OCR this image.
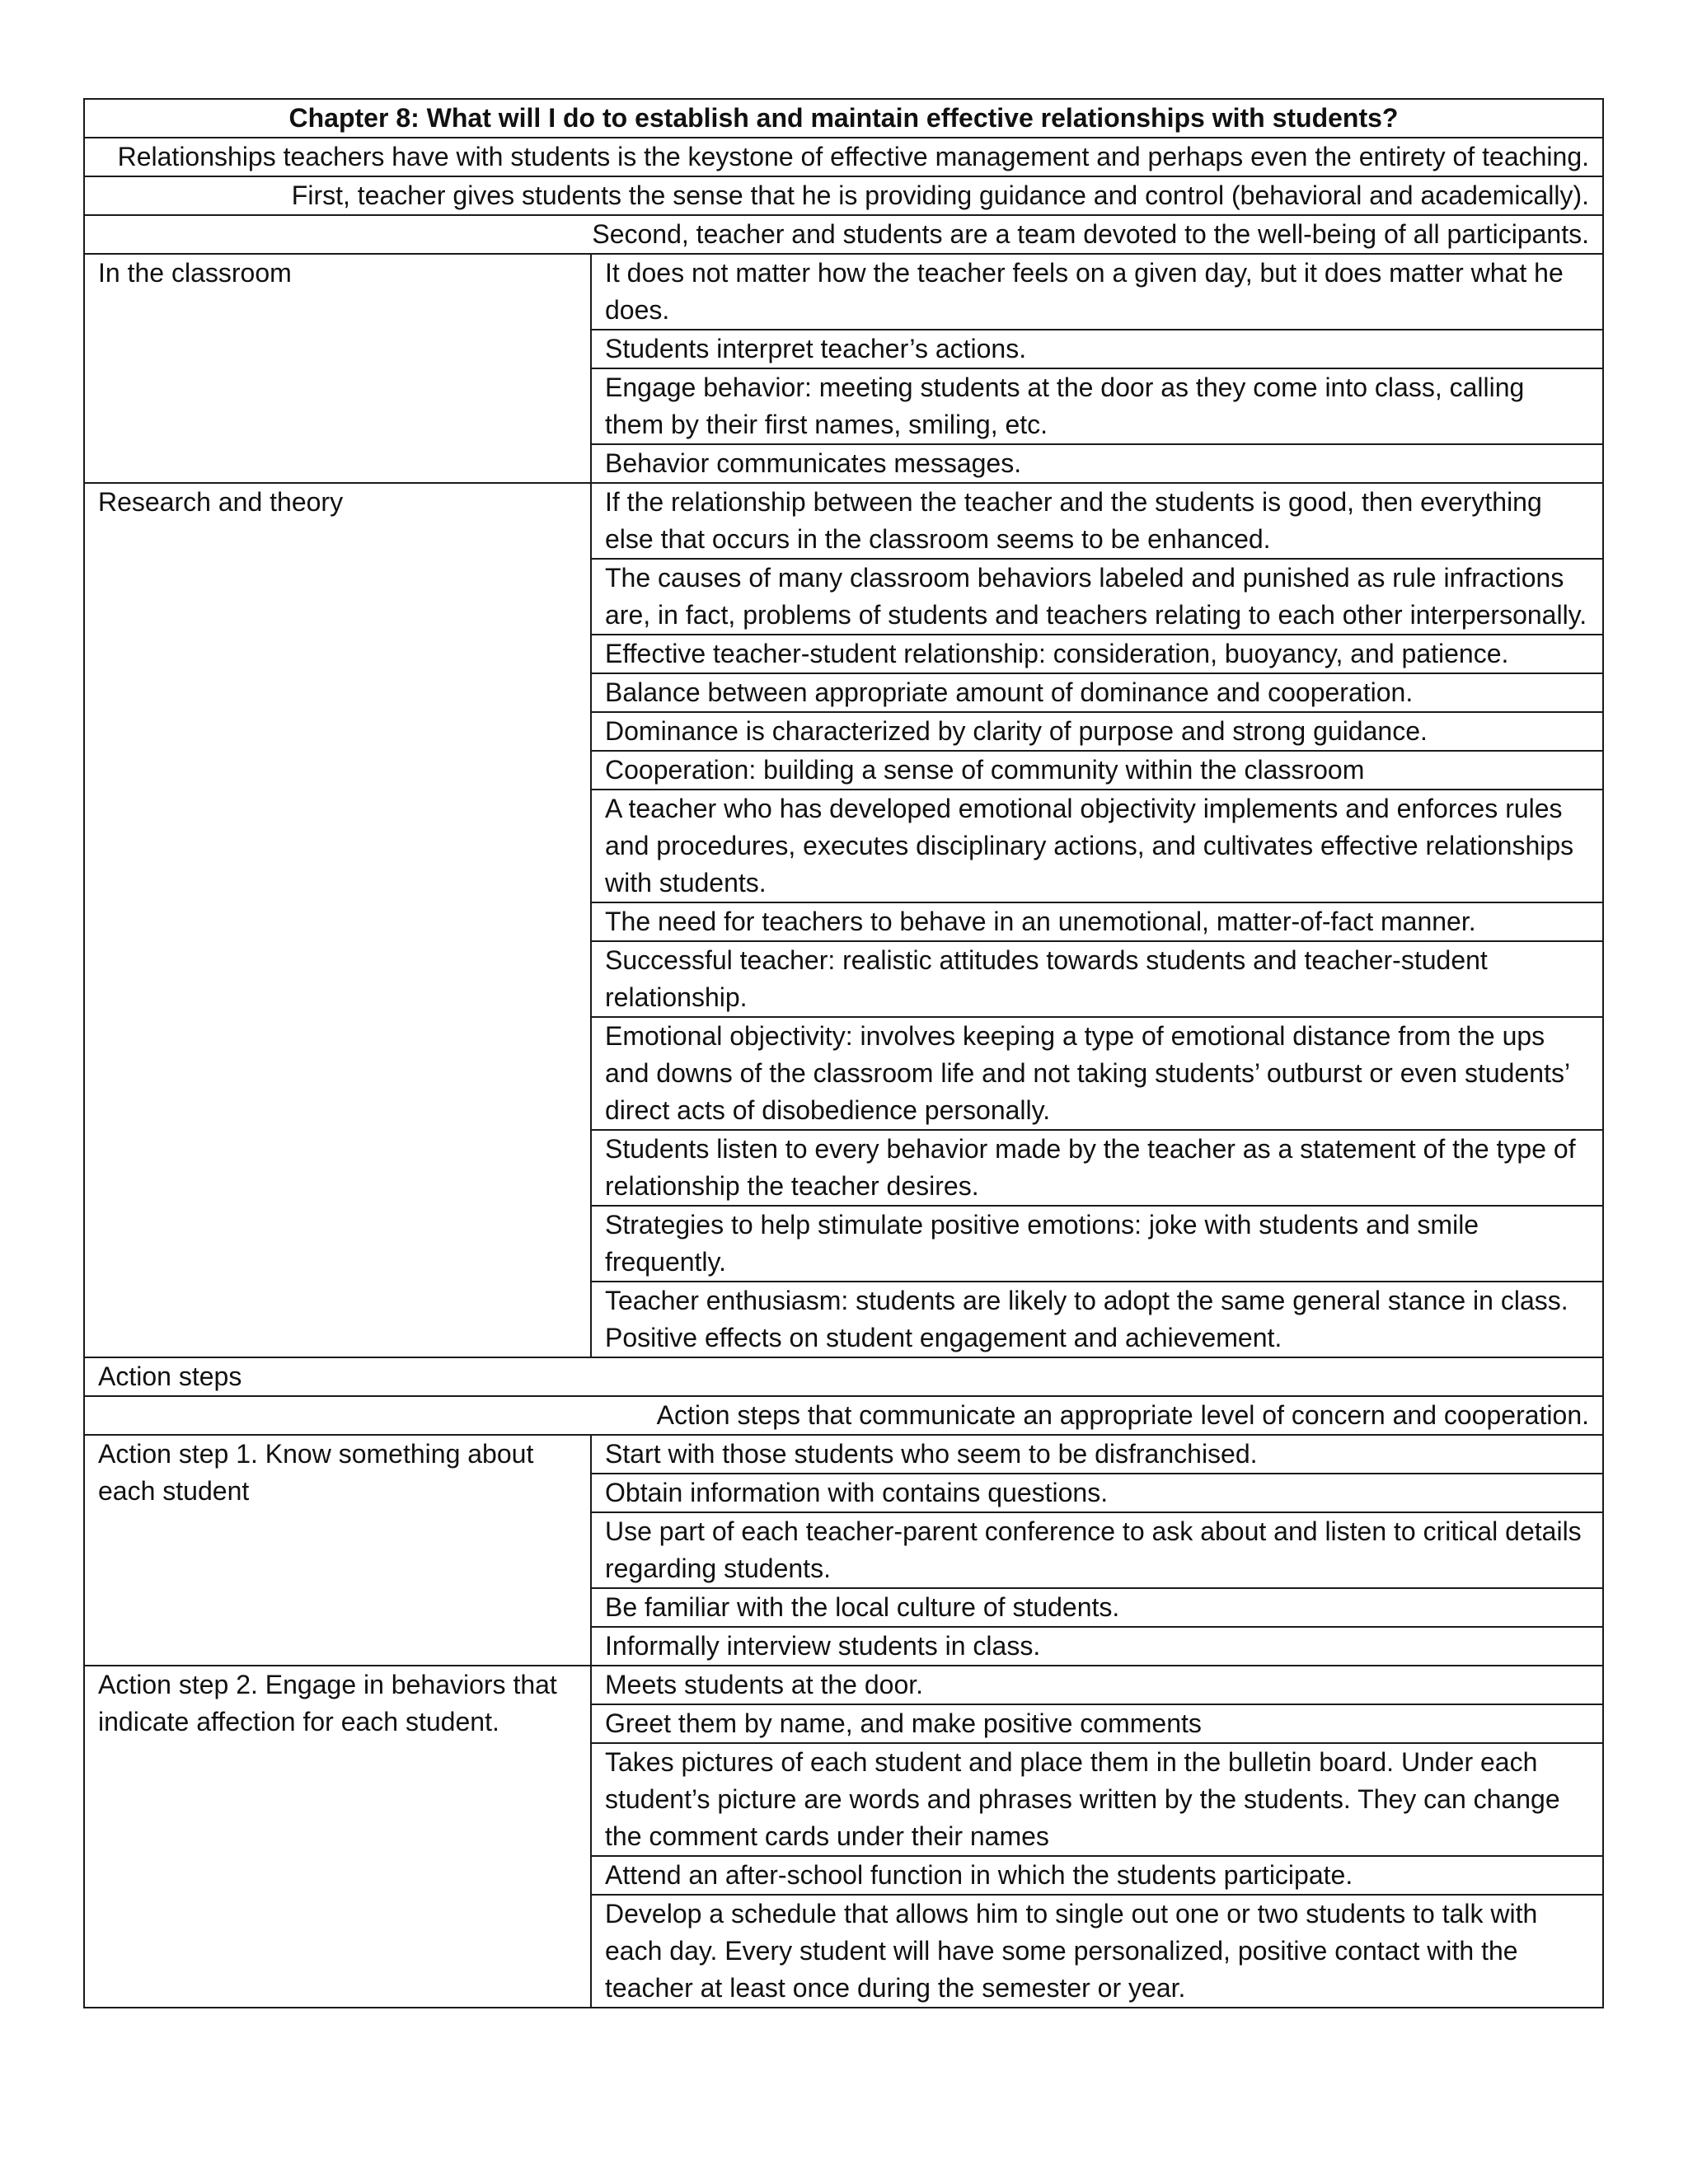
Chapter 8: What will I do to establish and maintain effective relationships with students?	
Relationships teachers have with students is the keystone of effective management and perhaps even the entirety of teaching.	
First, teacher gives students the sense that he is providing guidance and control (behavioral and academically).	
Second, teacher and students are a team devoted to the well-being of all participants.	
In the classroom	It does not matter how the teacher feels on a given day, but it does matter what he does.
	Students interpret teacher’s actions.
	Engage behavior: meeting students at the door as they come into class, calling them by their first names, smiling, etc.
	Behavior communicates messages.
Research and theory	If the relationship between the teacher and the students is good, then everything else that occurs in the classroom seems to be enhanced.
	The causes of many classroom behaviors labeled and punished as rule infractions are, in fact, problems of students and teachers relating to each other interpersonally.
	Effective teacher-student relationship: consideration, buoyancy, and patience.
	Balance between appropriate amount of dominance and cooperation.
	Dominance is characterized by clarity of purpose and strong guidance.
	Cooperation: building a sense of community within the classroom
	A teacher who has developed emotional objectivity implements and enforces rules and procedures, executes disciplinary actions, and cultivates effective relationships with students.
	The need for teachers to behave in an unemotional, matter-of-fact manner.
	Successful teacher: realistic attitudes towards students and teacher-student relationship.
	Emotional objectivity: involves keeping a type of emotional distance from the ups and downs of the classroom life and not taking students’ outburst or even students’ direct acts of disobedience personally.
	Students listen to every behavior made by the teacher as a statement of the type of relationship the teacher desires.
	Strategies to help stimulate positive emotions: joke with students and smile frequently.
	Teacher enthusiasm: students are likely to adopt the same general stance in class. Positive effects on student engagement and achievement.
Action steps	
Action steps that communicate an appropriate level of concern and cooperation.	
Action step 1. Know something about each student	Start with those students who seem to be disfranchised.
	Obtain information with contains questions.
	Use part of each teacher-parent conference to ask about and listen to critical details regarding students.
	Be familiar with the local culture of students.
	Informally interview students in class.
Action step 2. Engage in behaviors that indicate affection for each student.	Meets students at the door.
	Greet them by name, and make positive comments
	Takes pictures of each student and place them in the bulletin board. Under each student’s picture are words and phrases written by the students. They can change the comment cards under their names
	Attend an after-school function in which the students participate.
	Develop a schedule that allows him to single out one or two students to talk with each day. Every student will have some personalized, positive contact with the teacher at least once during the semester or year.
